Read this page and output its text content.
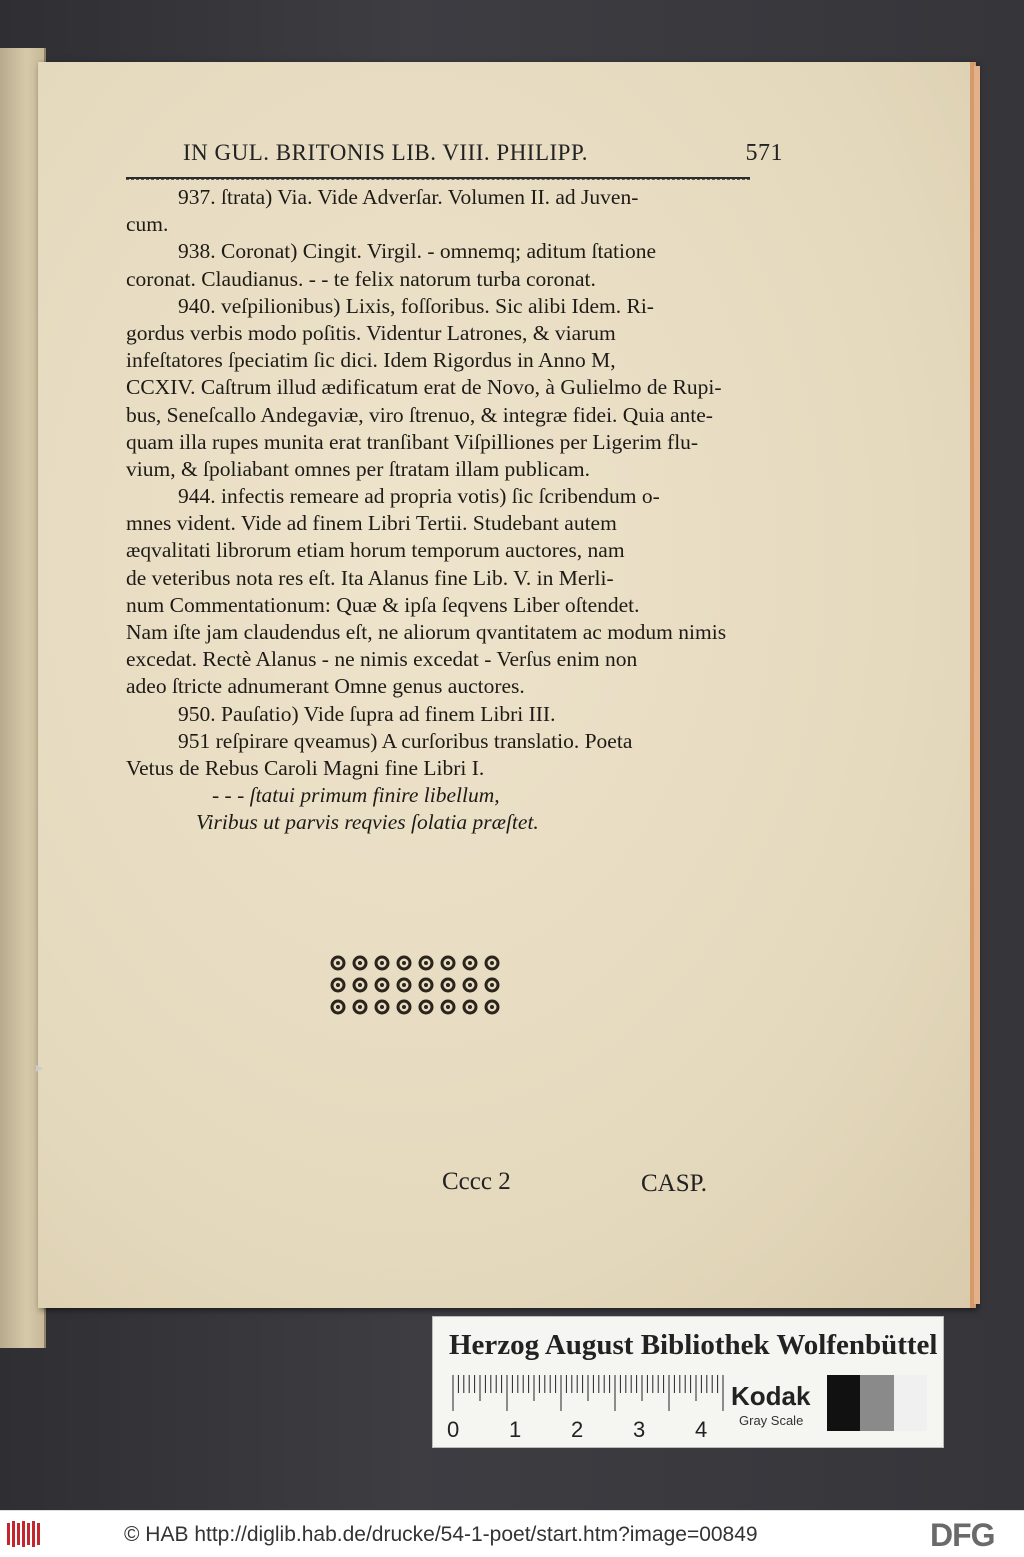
IN GUL. BRITONIS LIB. VIII. PHILIPP.	571
937. ſtrata) Via. Vide Adverſar. Volumen II. ad Juven-
cum.
938. Coronat) Cingit. Virgil. - omnemq; aditum ſtatione
coronat. Claudianus. - - te felix natorum turba coronat.
940. veſpilionibus) Lixis, foſſoribus. Sic alibi Idem. Ri-
gordus verbis modo poſitis. Videntur Latrones, & viarum
infeſtatores ſpeciatim ſic dici. Idem Rigordus in Anno M,
CCXIV. Caſtrum illud ædificatum erat de Novo, à Gulielmo de Rupi-
bus, Seneſcallo Andegaviæ, viro ſtrenuo, & integræ fidei. Quia ante-
quam illa rupes munita erat tranſibant Viſpilliones per Ligerim flu-
vium, & ſpoliabant omnes per ſtratam illam publicam.
944. infectis remeare ad propria votis) ſic ſcribendum o-
mnes vident. Vide ad finem Libri Tertii. Studebant autem
æqvalitati librorum etiam horum temporum auctores, nam
de veteribus nota res eſt. Ita Alanus fine Lib. V. in Merli-
num Commentationum: Quæ & ipſa ſeqvens Liber oſtendet.
Nam iſte jam claudendus eſt, ne aliorum qvantitatem ac modum nimis
excedat. Rectè Alanus - ne nimis excedat - Verſus enim non
adeo ſtricte adnumerant Omne genus auctores.
950. Pauſatio) Vide ſupra ad finem Libri III.
951 reſpirare qveamus) A curſoribus translatio. Poeta
Vetus de Rebus Caroli Magni fine Libri I.
- - - ſtatui primum finire libellum,
Viribus ut parvis reqvies ſolatia præſtet.
Cccc 2	CASP.
▸
Herzog August Bibliothek Wolfenbüttel
0 1 2 3 4
Kodak
Gray Scale
© HAB http://diglib.hab.de/drucke/54-1-poet/start.htm?image=00849	DFG
